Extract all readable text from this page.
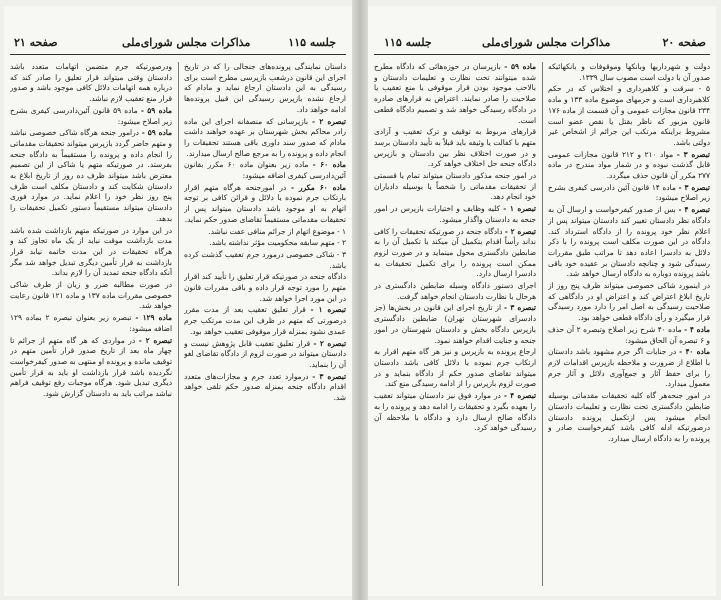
صفحه ۲۱	مذاکرات مجلس شورای‌ملی	جلسه ۱۱۵

داستان نمایندگی پرونده‌های جنجالی را که در تاریخ اجرای این قانون درشعب بازپرسی مطرح است برای رسیدگی به این دادستان ارجاع نماید و مادام که ارجاع نشده بازپرس رسیدگی این قبیل پرونده‌ها ادامه خواهد داد.

تبصره ۲ - بازپرسانی که منصفانه اجرای این ماده رادر محاکم بخش شهرستان بر عهده خواهند داشت مادام که صدور سند داوری باقی هستند تحقیقات را انجام داده و پرونده را به مرجع صالح ارسال میدارند.

ماده ۶۰ - ماده زیر بعنوان ماده ۶۰ مکرر بقانون آئین‌دادرسی کیفری اضافه میشود:

ماده ۶۰ مکرر - در امورجنحه هرگاه متهم اقرار بارتکاب جرم نموده یا دلائل و قرائن کافی بر توجه اتهام به او موجود باشد دادستان میتواند پس از تحقیقات مقدماتی مستقیماً تقاضای صدور حکم نماید.

۱ - موضوع اتهام از جرائم منافی عفت نباشد.

۲ - متهم سابقه محکومیت مؤثر نداشته باشد.

۳ - شاکی خصوصی درمورد جرم تعقیب گذشت کرده باشد.

دادگاه جنحه در صورتیکه قرار تعلیق را تأیید کند اقرار متهم را مورد توجه قرار داده و باقی مقررات قانون در این مورد اجرا خواهد شد.

تبصره ۱ - قرار تعلیق تعقیب بعد از مدت مقرر درصورتی که متهم در ظرف این مدت مرتکب جرم عمدی نشود بمنزله قرار موقوفی تعقیب خواهد بود.

تبصره ۲ - قرار تعلیق تعقیب قابل پژوهش نیست و دادستان میتواند در صورت لزوم از دادگاه تقاضای لغو آن را بنماید.

تبصره ۳ - درموارد تعدد جرم و مجازات‌های متعدد اقدام دادگاه جنحه بمنزله صدور حکم تلقی خواهد شد.

ودرصورتیکه جرم متضمن اتهامات متعدد باشد دادستان وقتی میتواند قرار تعلیق را صادر کند که درباره همه اتهامات دلائل کافی موجود باشد و صدور قرار منع تعقیب لازم نباشد.

ماده ۵۹ - ماده ۵۹ قانون آئین‌دادرسی کیفری بشرح زیر اصلاح میشود:

ماده ۵۹ - درامور جنحه هرگاه شاکی خصوصی نباشد و متهم حاضر گردد بازپرس میتواند تحقیقات مقدماتی را انجام داده و پرونده را مستقیماً به دادگاه جنحه بفرستد. در صورتیکه متهم یا شاکی از این تصمیم معترض باشد میتواند ظرف ده روز از تاریخ ابلاغ به دادستان شکایت کند و دادستان مکلف است ظرف پنج روز نظر خود را اعلام نماید. در موارد فوری دادستان میتواند مستقیماً دستور تکمیل تحقیقات را بدهد.

در این موارد در صورتیکه متهم بازداشت شده باشد مدت بازداشت موقت نباید از یک ماه تجاوز کند و هرگاه تحقیقات در این مدت خاتمه نیابد قرار بازداشت به قرار تأمین دیگری تبدیل خواهد شد مگر آنکه دادگاه جنحه تمدید آن را لازم بداند.

در صورت مطالبه ضرر و زیان از طرف شاکی خصوصی مقررات ماده ۱۳۷ و ماده ۱۲۱ قانون رعایت خواهد شد.

ماده ۱۲۹ - تبصره زیر بعنوان تبصره ۲ بماده ۱۲۹ اضافه میشود:

تبصره ۲ - در مواردی که هر گاه متهم از جرائم تا چهار ماه بعد از تاریخ صدور قرار تأمین متهم در توقیف مانده و پرونده او منتهی به صدور کیفرخواست نگردیده باشد قرار بازداشت او باید به قرار تأمین دیگری تبدیل شود. هرگاه موجبات رفع توقیف فراهم نباشد مراتب باید به دادستان گزارش شود.

جلسه ۱۱۵	مذاکرات مجلس شورای‌ملی	صفحه ۲۰

دولت و شهرداریها وبانکها وموقوفات و بانکهائیکه صدور آن با دولت است مصوب سال ۱۳۳۹.

۵ - سرقت و کلاهبرداری و اختلاس که در حکم کلاهبرداری است و جرمهای موضوع ماده ۱۳۳ و ماده ۲۳۴ قانون مجازات عمومی و آن قسمت از ماده ۱۷۶ قانون مزبور که ناظر بقتل یا نقص عضو است مشروط براینکه مرتکب این جرائم از اشخاص غیر دولتی باشد.

تبصره ۳ - مواد ۲۱۰ و ۲۱۲ قانون مجازات عمومی قابل گذشت نبوده و در شمار مواد مندرج در ماده ۲۷۷ مکرر آن قانون حذف میگردد.

تبصره ۳ - ماده ۱۴ قانون آئین دادرسی کیفری بشرح زیر اصلاح میشود:

تبصره ۴ - بس از صدور کیفرخواست و ارسال آن به دادگاه نظر دادستان تغییر کند دادستان میتواند پس از اعلام نظر خود پرونده را از دادگاه استرداد کند. دادگاه در این صورت مکلف است پرونده را با ذکر دلائل به دادسرا اعاده دهد تا مراتب طبق مقررات رسیدگی شود و چنانچه دادستان بر عقیده خود باقی باشد پرونده دوباره به دادگاه ارسال خواهد شد.

در اینمورد شاکی خصوصی میتواند ظرف پنج روز از تاریخ ابلاغ اعتراض کند و اعتراض او در دادگاهی که صلاحیت رسیدگی به اصل امر را دارد مورد رسیدگی قرار میگیرد و رأی دادگاه قطعی خواهد بود.

ماده ۴ - ماده ۴۰ شرح زیر اصلاح وتبصره ۲ آن حذف و ۶ تبصره آن الحاق میشود:

ماده ۴۰ - در جنایات اگر جرم مشهود باشد دادستان با اطلاع از ضرورت و ملاحظه بازپرس اقدامات لازم را برای حفظ آثار و جمع‌آوری دلائل و آثار جرم معمول میدارد.

در امور جنحه‌هر گاه کلیه تحقیقات مقدماتی بوسیله ضابطین دادگستری تحت نظارت و تعلیمات دادستان انجام میشود پس ازتکمیل پرونده دادستان درصورتیکه ادله کافی باشد کیفرخواست صادر و پرونده را به دادگاه ارسال میدارد.

ماده ۵۹ - بازپرسان در حوزه‌هائی که دادگاه مطرح شده میتوانند تحت نظارت و تعلیمات دادستان و بالاحب موجود بودن قرار موقوفی یا منع تعقیب یا صلاحیت را صادر نمایند. اعتراض به قرارهای صادره در دادگاه رسیدگی خواهد شد و تصمیم دادگاه قطعی است.

قرارهای مربوط به توقیف و ترک تعقیب و آزادی متهم با کفالت یا وثیقه باید قبلاً به تأیید دادستان برسد و در صورت اختلاف نظر بین دادستان و بازپرس دادگاه جنحه حل اختلاف خواهد کرد.

در امور جنحه مذکور دادستان میتواند تمام یا قسمتی از تحقیقات مقدماتی را شخصاً یا بوسیله دادیاران خود انجام دهد.

تبصره ۱ - کلیه وظایف و اختیارات بازپرس در امور جنحه به دادستان واگذار میشود.

تبصره ۲ - دادگاه جنحه در صورتیکه تحقیقات را کافی نداند رأساً اقدام بتکمیل آن میکند یا تکمیل آن را به ضابطین دادگستری محول مینماید و در صورت لزوم ممکن است پرونده را برای تکمیل تحقیقات به دادسرا ارسال دارد.

اجرای دستور دادگاه وسیله ضابطین دادگستری در هرحال با نظارت دادستان انجام خواهد گرفت.

تبصره ۳ - از تاریخ اجرای این قانون در بخش‌ها (جز دادسرای شهرستان تهران) ضابطین دادگستری بازپرس دادگاه بخش و دادستان شهرستان در امور جنحه و جنایت اقدام خواهند نمود.

ارجاع پرونده به بازپرس و نیز هر گاه متهم اقرار به ارتکاب جرم نموده یا دلائل کافی باشد دادستان میتواند تقاضای صدور حکم از دادگاه بنماید و در صورت لزوم بازپرس را از ادامه رسیدگی منع کند.

تبصره ۴ - در موارد فوق نیز دادستان میتواند تعقیب را بعهده بگیرد و تحقیقات را ادامه دهد و پرونده را به دادگاه صالح ارسال دارد و دادگاه با ملاحظه آن رسیدگی خواهد کرد.
